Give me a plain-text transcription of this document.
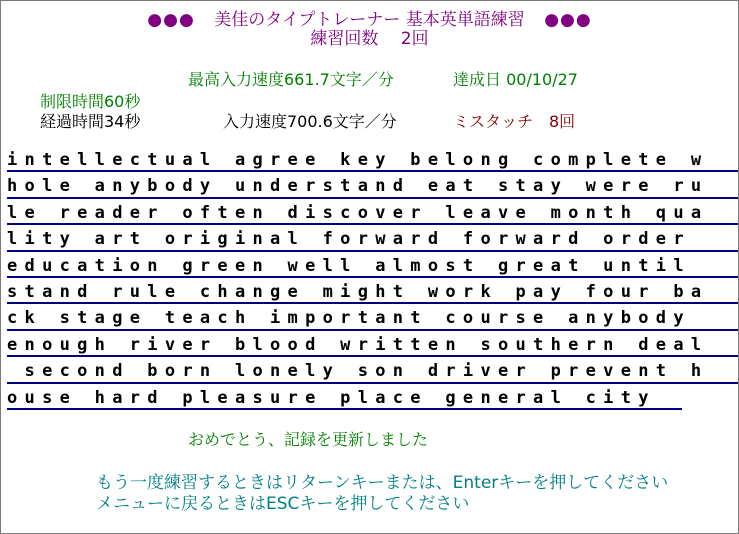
●●● 美佳のタイプトレーナー 基本英単語練習 ●●●
練習回数　 2回
最高入力速度661.7文字／分	達成日 00/10/27
制限時間60秒
経過時間34秒	入力速度700.6文字／分	ミスタッチ　8回
intellectual agree key belong complete w
hole anybody understand eat stay were ru
le reader often discover leave month qua
lity art original forward forward order
education green well almost great until
stand rule change might work pay four ba
ck stage teach important course anybody
enough river blood written southern deal
second born lonely son driver prevent h
ouse hard pleasure place general city
おめでとう、記録を更新しました
もう一度練習するときはリターンキーまたは、Enterキーを押してください
メニューに戻るときはESCキーを押してください
